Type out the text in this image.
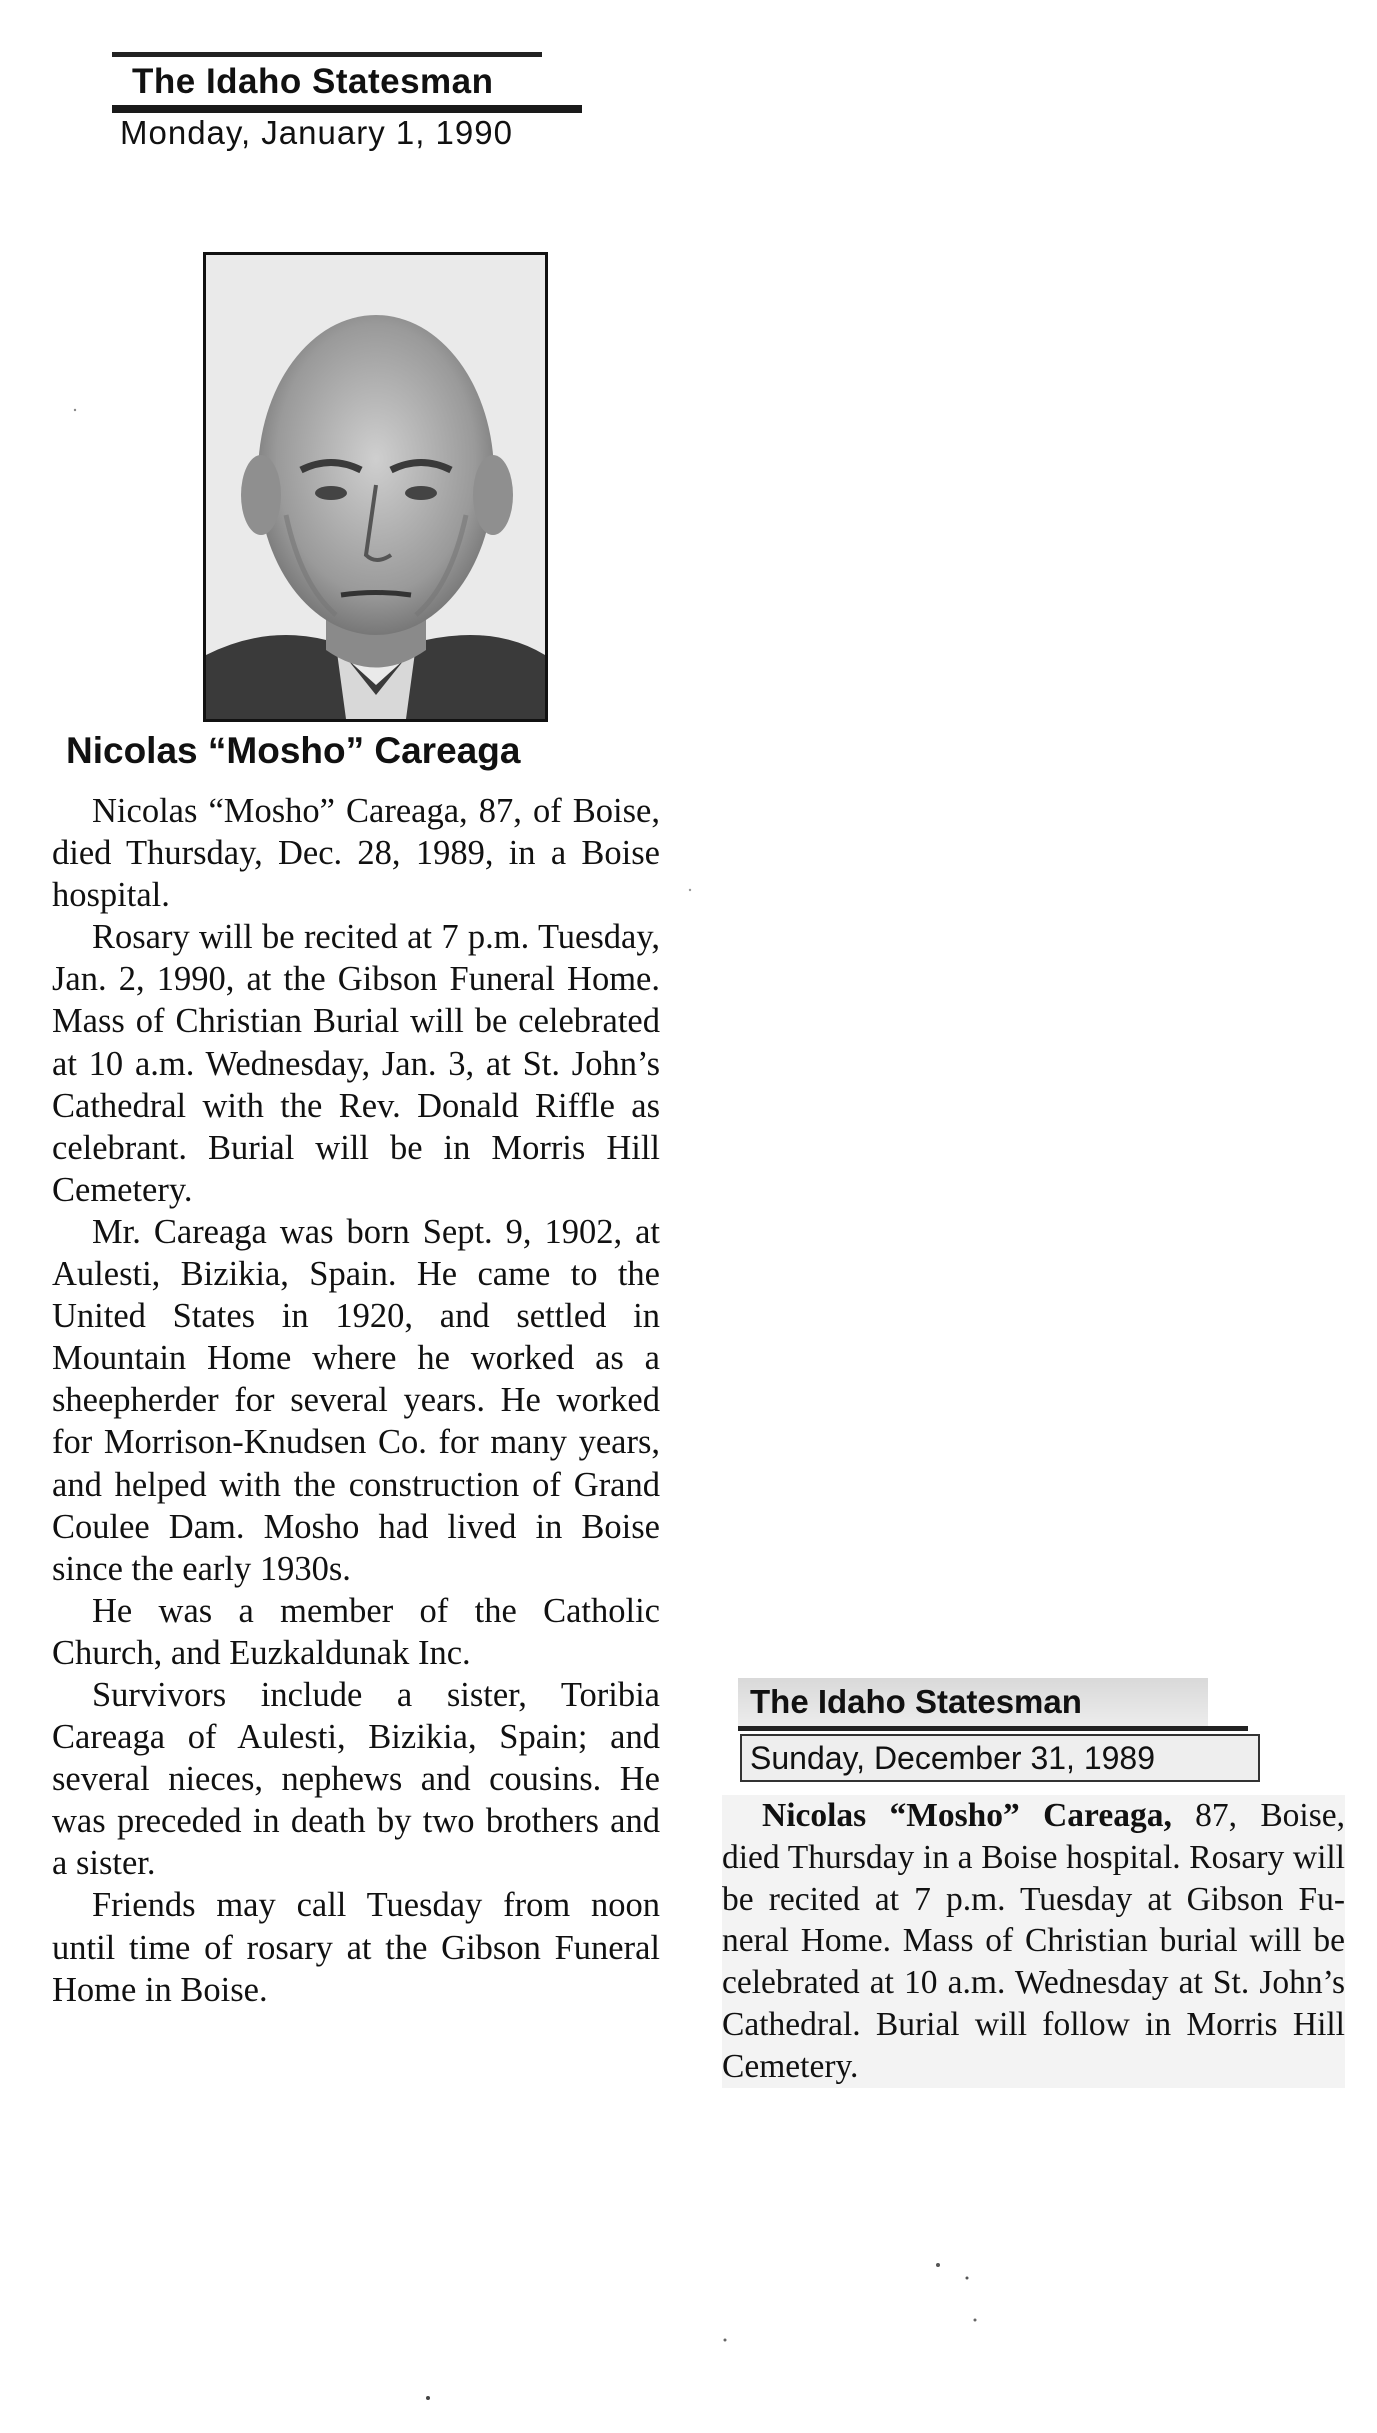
The Idaho Statesman
Monday, January 1, 1990
Nicolas “Mosho” Careaga

Nicolas “Mosho” Careaga, 87, of Boise, died Thursday, Dec. 28, 1989, in a Boise hospital.

Rosary will be recited at 7 p.m. Tuesday, Jan. 2, 1990, at the Gibson Funeral Home. Mass of Christian Burial will be celebrated at 10 a.m. Wednesday, Jan. 3, at St. John’s Cathedral with the Rev. Donald Riffle as celebrant. Burial will be in Morris Hill Cemetery.

Mr. Careaga was born Sept. 9, 1902, at Aulesti, Bizikia, Spain. He came to the United States in 1920, and settled in Mountain Home where he worked as a sheepherder for several years. He worked for Morrison-Knudsen Co. for many years, and helped with the construction of Grand Coulee Dam. Mosho had lived in Boise since the early 1930s.

He was a member of the Catholic Church, and Euzkaldunak Inc.

Survivors include a sister, Toribia Careaga of Aulesti, Bizikia, Spain; and several nieces, nephews and cousins. He was preceded in death by two brothers and a sister.

Friends may call Tuesday from noon until time of rosary at the Gibson Funeral Home in Boise.

The Idaho Statesman
Sunday, December 31, 1989

Nicolas “Mosho” Careaga, 87, Boise, died Thursday in a Boise hospital. Rosary will be recited at 7 p.m. Tuesday at Gibson Funeral Home. Mass of Christian burial will be celebrated at 10 a.m. Wednesday at St. John’s Cathedral. Burial will follow in Morris Hill Cemetery.
